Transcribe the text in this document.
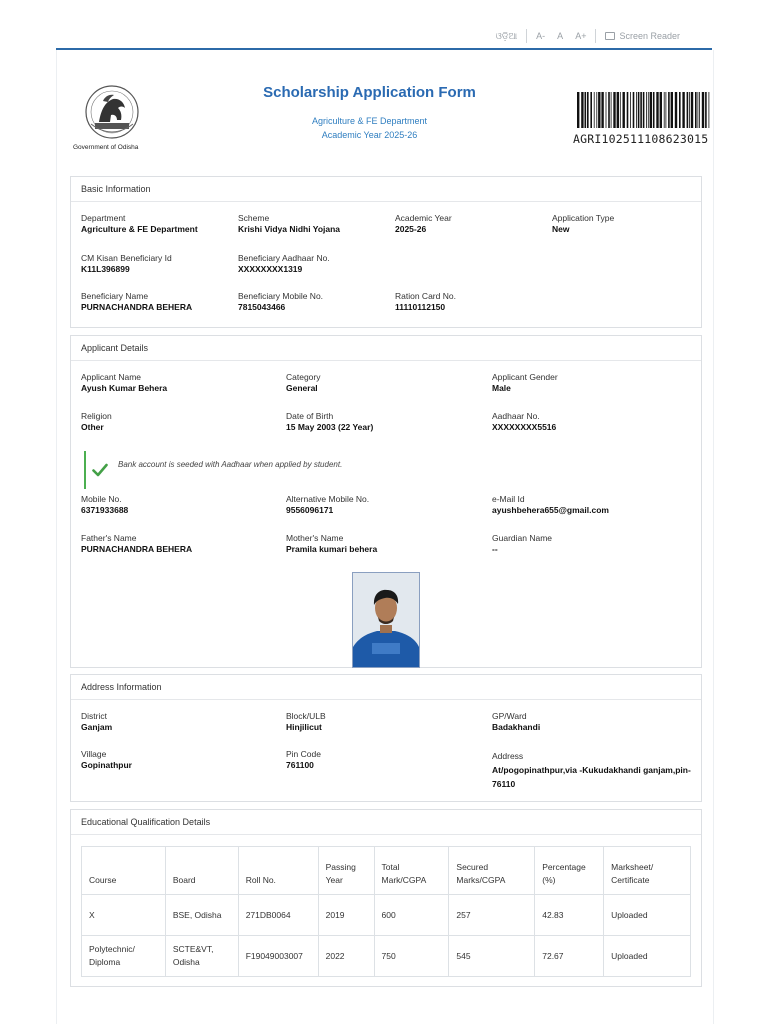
ଓଡ଼ିଆ A- A A+	Screen Reader
Government of Odisha
Scholarship Application Form
Agriculture & FE Department
Academic Year 2025-26	AGRI102511108623015
Basic Information
Department
Agriculture & FE Department
Scheme
Krishi Vidya Nidhi Yojana
Academic Year
2025-26
Application Type
New
CM Kisan Beneficiary Id
K11L396899
Beneficiary Aadhaar No.
XXXXXXXX1319
Beneficiary Name
PURNACHANDRA BEHERA
Beneficiary Mobile No.
7815043466
Ration Card No.
11110112150
Applicant Details
Applicant Name
Ayush Kumar Behera
Category
General
Applicant Gender
Male
Religion
Other
Date of Birth
15 May 2003 (22 Year)
Aadhaar No.
XXXXXXXX5516
Bank account is seeded with Aadhaar when applied by student.
Mobile No.
6371933688
Alternative Mobile No.
9556096171
e-Mail Id
ayushbehera655@gmail.com
Father's Name
PURNACHANDRA BEHERA
Mother's Name
Pramila kumari behera
Guardian Name
--
Address Information
District
Ganjam
Block/ULB
Hinjilicut
GP/Ward
Badakhandi
Village
Gopinathpur
Pin Code
761100
Address
At/pogopinathpur,via -Kukudakhandi ganjam,pin-76110
Educational Qualification Details
Course	Board	Roll No.	Passing Year	Total Mark/CGPA	Secured Marks/CGPA	Percentage (%)	Marksheet/ Certificate
X	BSE, Odisha	271DB0064	2019	600	257	42.83	Uploaded
Polytechnic/ Diploma	SCTE&VT, Odisha	F19049003007	2022	750	545	72.67	Uploaded
